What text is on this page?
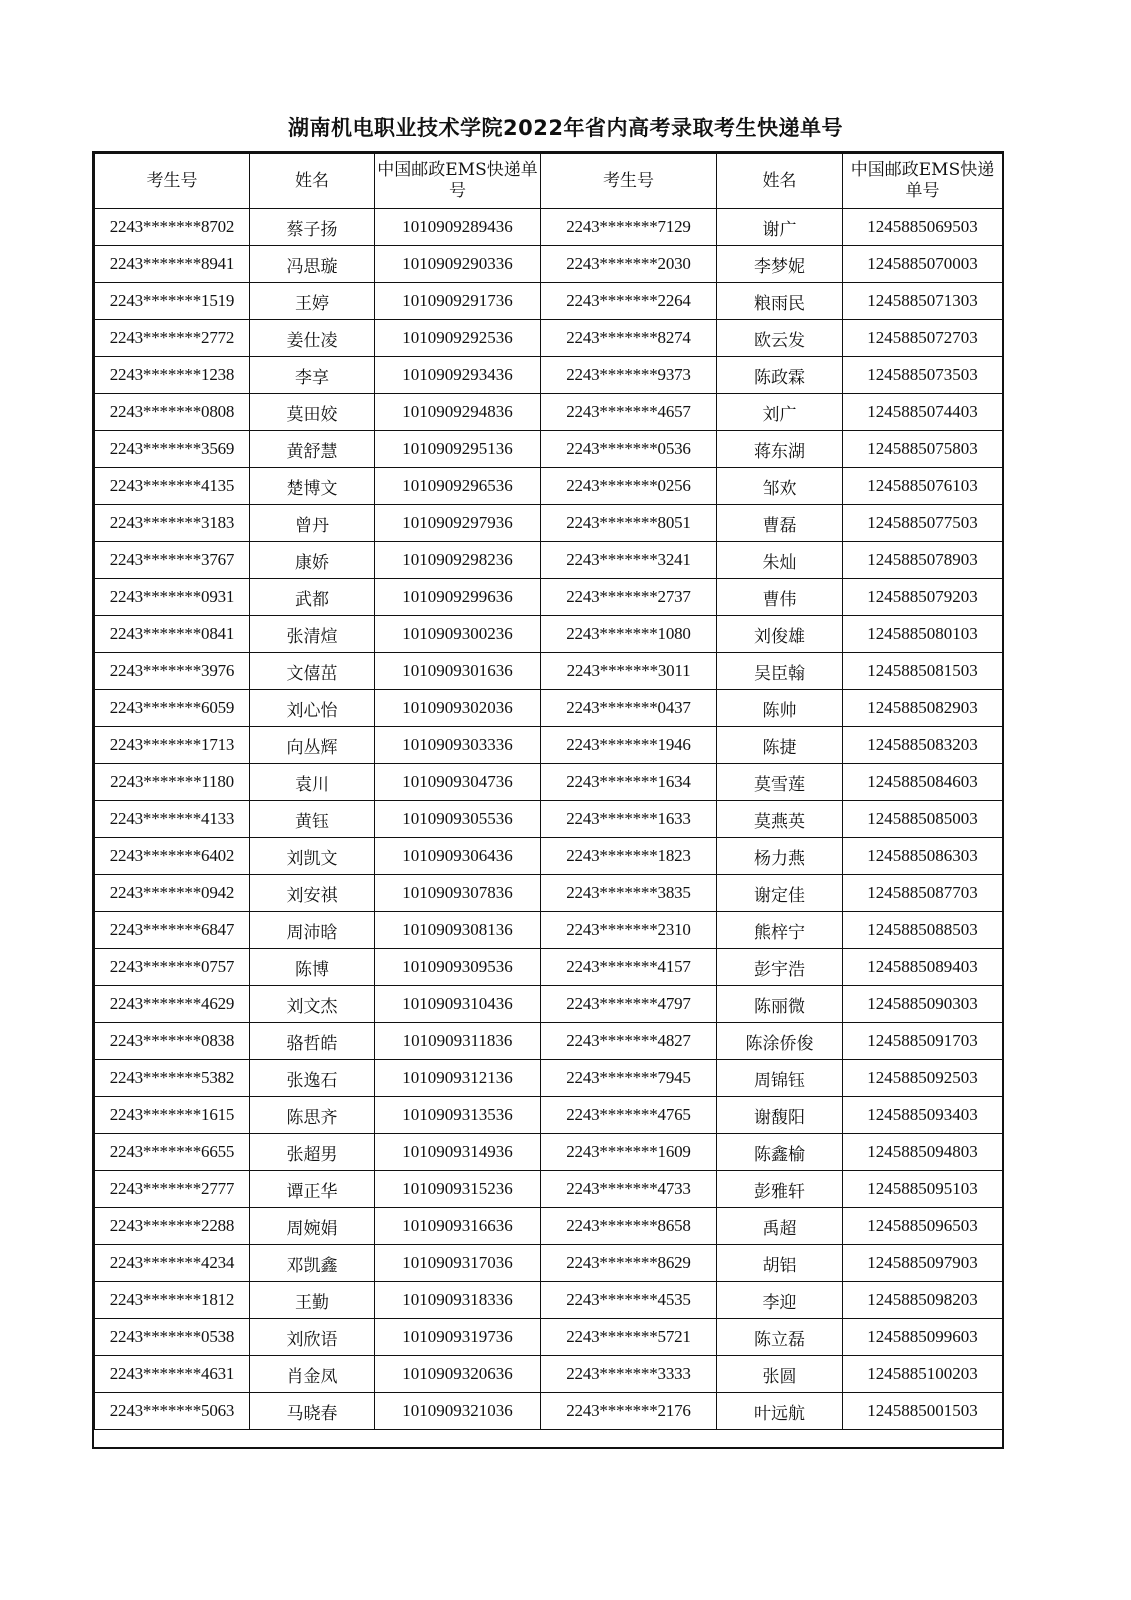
湖南机电职业技术学院2022年省内高考录取考生快递单号
考生号	姓名	中国邮政EMS快递单号	考生号	姓名	中国邮政EMS快递单号
2243*******8702	蔡子扬	1010909289436	2243*******7129	谢广	1245885069503
2243*******8941	冯思璇	1010909290336	2243*******2030	李梦妮	1245885070003
2243*******1519	王婷	1010909291736	2243*******2264	粮雨民	1245885071303
2243*******2772	姜仕凌	1010909292536	2243*******8274	欧云发	1245885072703
2243*******1238	李享	1010909293436	2243*******9373	陈政霖	1245885073503
2243*******0808	莫田姣	1010909294836	2243*******4657	刘广	1245885074403
2243*******3569	黄舒慧	1010909295136	2243*******0536	蒋东湖	1245885075803
2243*******4135	楚博文	1010909296536	2243*******0256	邹欢	1245885076103
2243*******3183	曾丹	1010909297936	2243*******8051	曹磊	1245885077503
2243*******3767	康娇	1010909298236	2243*******3241	朱灿	1245885078903
2243*******0931	武都	1010909299636	2243*******2737	曹伟	1245885079203
2243*******0841	张清煊	1010909300236	2243*******1080	刘俊雄	1245885080103
2243*******3976	文僖茁	1010909301636	2243*******3011	吴臣翰	1245885081503
2243*******6059	刘心怡	1010909302036	2243*******0437	陈帅	1245885082903
2243*******1713	向丛辉	1010909303336	2243*******1946	陈捷	1245885083203
2243*******1180	袁川	1010909304736	2243*******1634	莫雪莲	1245885084603
2243*******4133	黄钰	1010909305536	2243*******1633	莫燕英	1245885085003
2243*******6402	刘凯文	1010909306436	2243*******1823	杨力燕	1245885086303
2243*******0942	刘安祺	1010909307836	2243*******3835	谢定佳	1245885087703
2243*******6847	周沛晗	1010909308136	2243*******2310	熊梓宁	1245885088503
2243*******0757	陈博	1010909309536	2243*******4157	彭宇浩	1245885089403
2243*******4629	刘文杰	1010909310436	2243*******4797	陈丽微	1245885090303
2243*******0838	骆哲皓	1010909311836	2243*******4827	陈涂侨俊	1245885091703
2243*******5382	张逸石	1010909312136	2243*******7945	周锦钰	1245885092503
2243*******1615	陈思齐	1010909313536	2243*******4765	谢馥阳	1245885093403
2243*******6655	张超男	1010909314936	2243*******1609	陈鑫榆	1245885094803
2243*******2777	谭正华	1010909315236	2243*******4733	彭雅轩	1245885095103
2243*******2288	周婉娟	1010909316636	2243*******8658	禹超	1245885096503
2243*******4234	邓凯鑫	1010909317036	2243*******8629	胡铝	1245885097903
2243*******1812	王勤	1010909318336	2243*******4535	李迎	1245885098203
2243*******0538	刘欣语	1010909319736	2243*******5721	陈立磊	1245885099603
2243*******4631	肖金凤	1010909320636	2243*******3333	张圆	1245885100203
2243*******5063	马晓春	1010909321036	2243*******2176	叶远航	1245885001503
